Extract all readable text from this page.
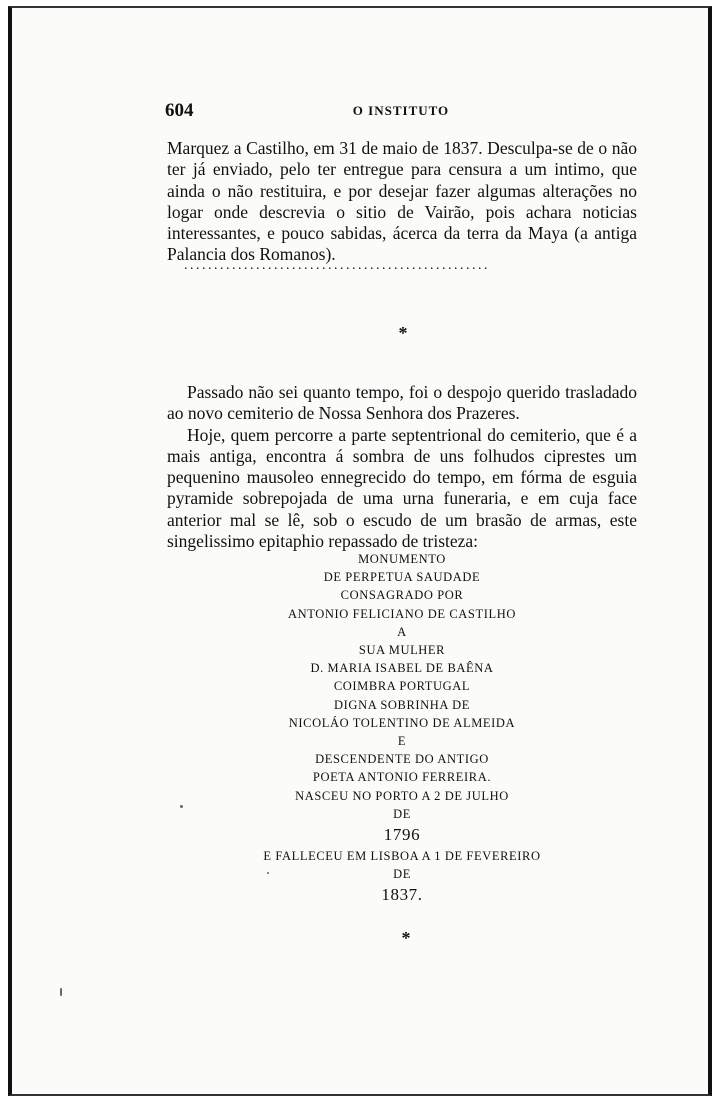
604	O INSTITUTO

Marquez a Castilho, em 31 de maio de 1837. Desculpa-se de o não ter já enviado, pelo ter entregue para censura a um intimo, que ainda o não restituira, e por desejar fazer algumas alterações no logar onde descrevia o sitio de Vairão, pois achara noticias interessantes, e pouco sabidas, ácerca da terra da Maya (a antiga Palancia dos Romanos).

...................................................
*

Passado não sei quanto tempo, foi o despojo querido trasladado ao novo cemiterio de Nossa Senhora dos Prazeres.

Hoje, quem percorre a parte septentrional do cemiterio, que é a mais antiga, encontra á sombra de uns folhudos ciprestes um pequenino mausoleo ennegrecido do tempo, em fórma de esguia pyramide sobrepojada de uma urna funeraria, e em cuja face anterior mal se lê, sob o escudo de um brasão de armas, este singelissimo epitaphio repassado de tristeza:

MONUMENTO
DE PERPETUA SAUDADE
CONSAGRADO POR
ANTONIO FELICIANO DE CASTILHO
A
SUA MULHER
D. MARIA ISABEL DE BAÊNA
COIMBRA PORTUGAL
DIGNA SOBRINHA DE
NICOLÁO TOLENTINO DE ALMEIDA
E
DESCENDENTE DO ANTIGO
POETA ANTONIO FERREIRA.
NASCEU NO PORTO A 2 DE JULHO
DE
1796
E FALLECEU EM LISBOA A 1 DE FEVEREIRO
DE
1837.
*
